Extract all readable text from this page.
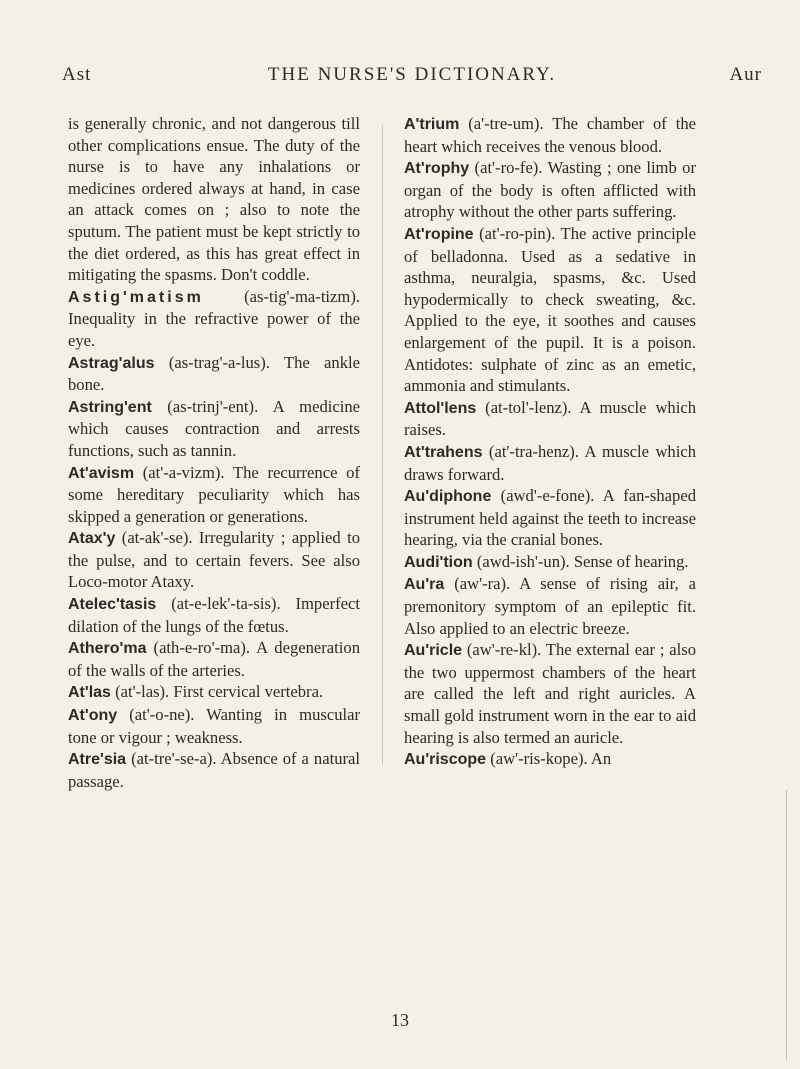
Ast	THE NURSE'S DICTIONARY.	Aur

is generally chronic, and not dangerous till other complications ensue. The duty of the nurse is to have any inhalations or medicines ordered always at hand, in case an attack comes on ; also to note the sputum. The patient must be kept strictly to the diet ordered, as this has great effect in mitigating the spasms. Don't coddle.

Astig'matism (as-tig'-ma-tizm). Inequality in the refractive power of the eye.

Astrag'alus (as-trag'-a-lus). The ankle bone.

Astring'ent (as-trinj'-ent). A medicine which causes contraction and arrests functions, such as tannin.

At'avism (at'-a-vizm). The recurrence of some hereditary peculiarity which has skipped a generation or generations.

Atax'y (at-ak'-se). Irregularity ; applied to the pulse, and to certain fevers. See also Loco-motor Ataxy.

Atelec'tasis (at-e-lek'-ta-sis). Imperfect dilation of the lungs of the fœtus.

Athero'ma (ath-e-ro'-ma). A degeneration of the walls of the arteries.

At'las (at'-las). First cervical vertebra.

At'ony (at'-o-ne). Wanting in muscular tone or vigour ; weakness.

Atre'sia (at-tre'-se-a). Absence of a natural passage.

A'trium (a'-tre-um). The chamber of the heart which receives the venous blood.

At'rophy (at'-ro-fe). Wasting ; one limb or organ of the body is often afflicted with atrophy without the other parts suffering.

At'ropine (at'-ro-pin). The active principle of belladonna. Used as a sedative in asthma, neuralgia, spasms, &c. Used hypodermically to check sweating, &c. Applied to the eye, it soothes and causes enlargement of the pupil. It is a poison. Antidotes: sulphate of zinc as an emetic, ammonia and stimulants.

Attol'lens (at-tol'-lenz). A muscle which raises.

At'trahens (at'-tra-henz). A muscle which draws forward.

Au'diphone (awd'-e-fone). A fan-shaped instrument held against the teeth to increase hearing, via the cranial bones.

Audi'tion (awd-ish'-un). Sense of hearing.

Au'ra (aw'-ra). A sense of rising air, a premonitory symptom of an epileptic fit. Also applied to an electric breeze.

Au'ricle (aw'-re-kl). The external ear ; also the two uppermost chambers of the heart are called the left and right auricles. A small gold instrument worn in the ear to aid hearing is also termed an auricle.

Au'riscope (aw'-ris-kope). An

13
